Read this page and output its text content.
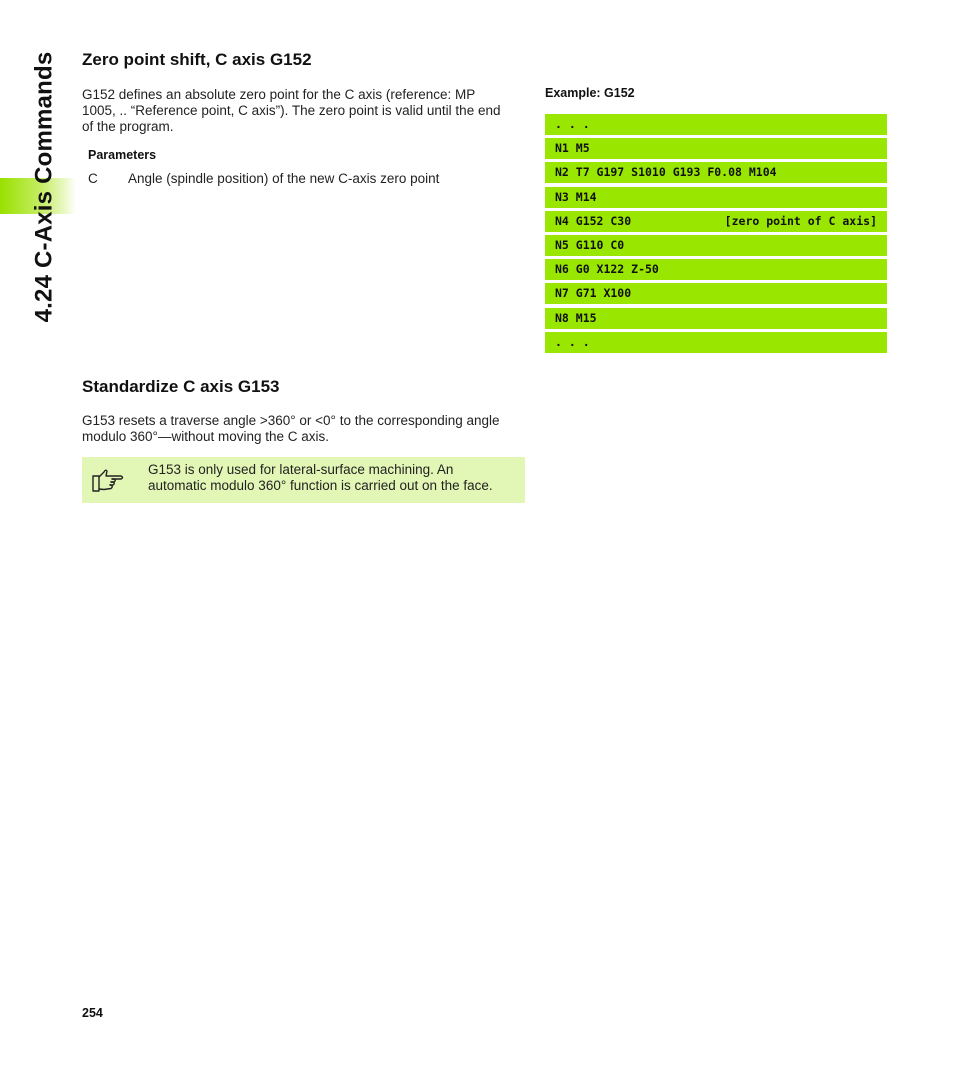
4.24 C-Axis Commands Zero point shift, C axis G152
G152 defines an absolute zero point for the C axis (reference: MP
1005, .. “Reference point, C axis”). The zero point is valid until the end
of the program.
Parameters
C Angle (spindle position) of the new C-axis zero point
Example: G152
. . .
N1 M5
N2 T7 G197 S1010 G193 F0.08 M104
N3 M14
N4 G152 C30	[zero point of C axis]
N5 G110 C0
N6 G0 X122 Z-50
N7 G71 X100
N8 M15
. . .
Standardize C axis G153
G153 resets a traverse angle >360° or <0° to the corresponding angle
modulo 360°—without moving the C axis.
G153 is only used for lateral-surface machining. An
automatic modulo 360° function is carried out on the face.
254
